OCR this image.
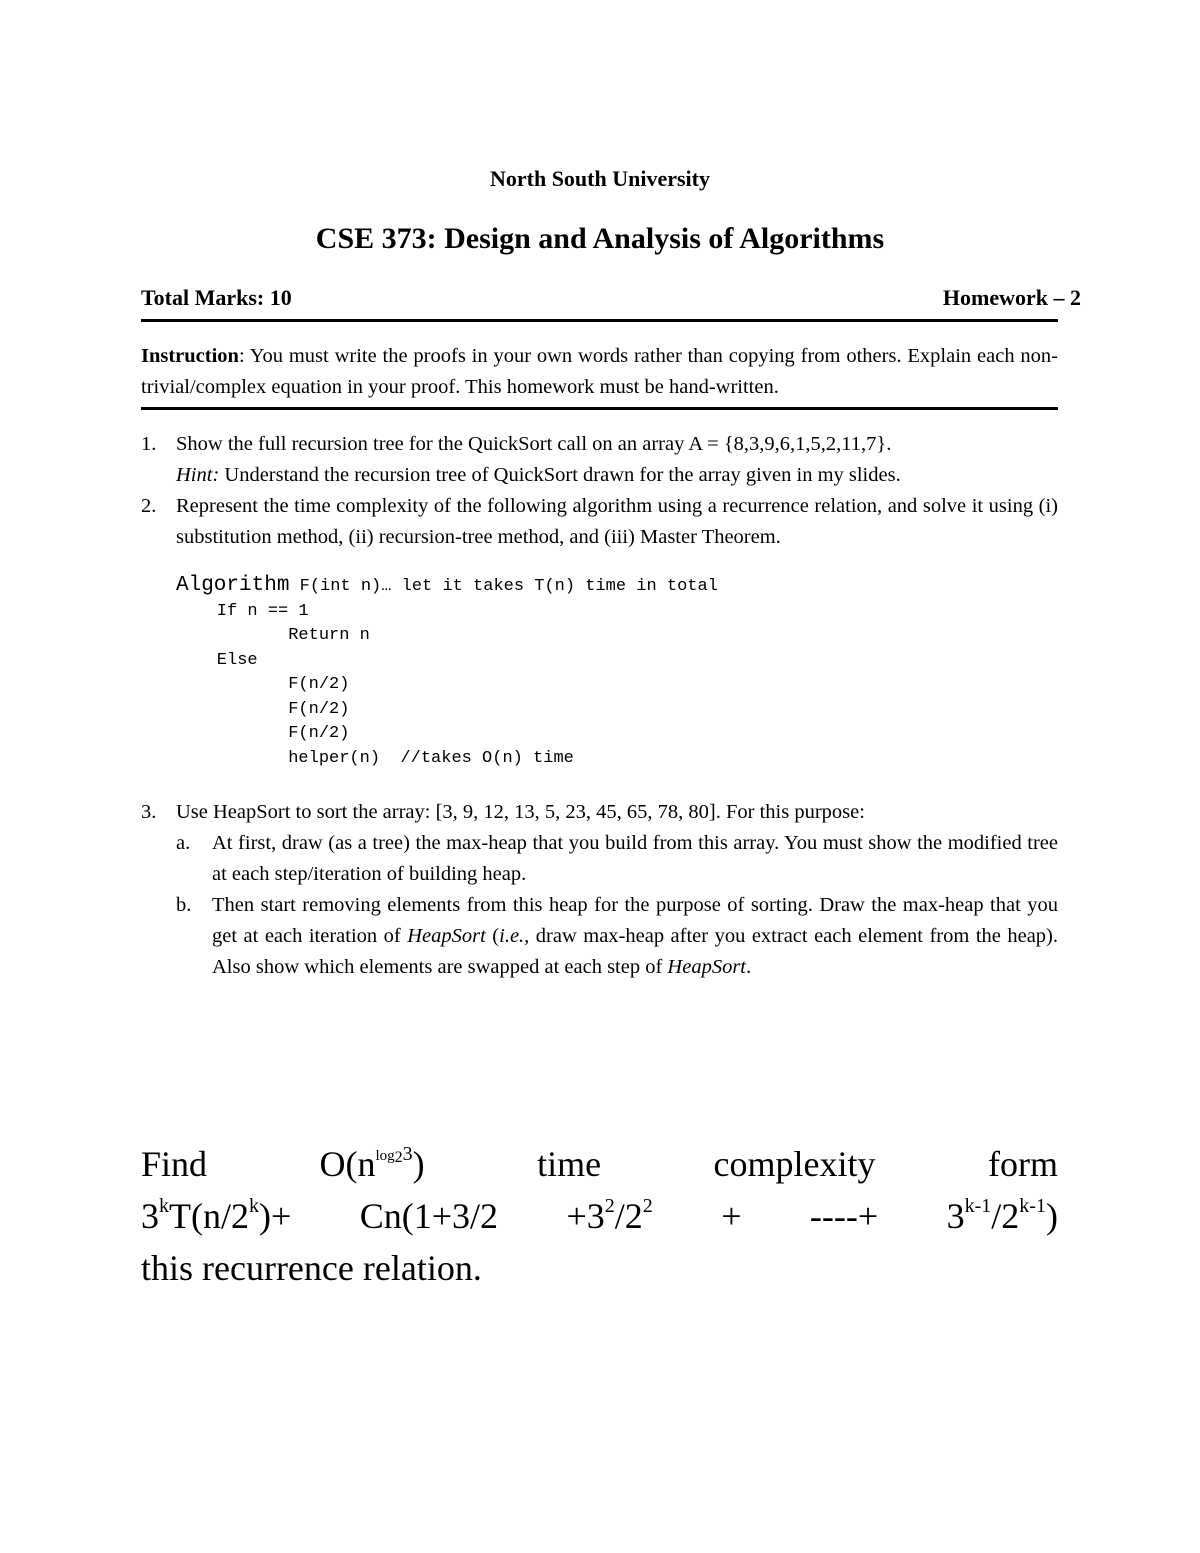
North South University
CSE 373: Design and Analysis of Algorithms
Total Marks: 10	Homework – 2
Instruction: You must write the proofs in your own words rather than copying from others. Explain each non-trivial/complex equation in your proof. This homework must be hand-written.
1. Show the full recursion tree for the QuickSort call on an array A = {8,3,9,6,1,5,2,11,7}.
Hint: Understand the recursion tree of QuickSort drawn for the array given in my slides.
2. Represent the time complexity of the following algorithm using a recurrence relation, and solve it using (i) substitution method, (ii) recursion-tree method, and (iii) Master Theorem.
Algorithm F(int n)… let it takes T(n) time in total
If n == 1
Return n
Else
F(n/2)
F(n/2)
F(n/2)
helper(n)  //takes O(n) time
3. Use HeapSort to sort the array: [3, 9, 12, 13, 5, 23, 45, 65, 78, 80]. For this purpose:
a. At first, draw (as a tree) the max-heap that you build from this array. You must show the modified tree at each step/iteration of building heap.
b. Then start removing elements from this heap for the purpose of sorting. Draw the max-heap that you get at each iteration of HeapSort (i.e., draw max-heap after you extract each element from the heap). Also show which elements are swapped at each step of HeapSort.
Find	$O(n^{log_23})$	time	complexity	form
$3^kT(n/2^k)+ Cn(1+3/2 +3^2/2^2$ + ----+ $3^{k-1}/2^{k-1}$)
this recurrence relation.
